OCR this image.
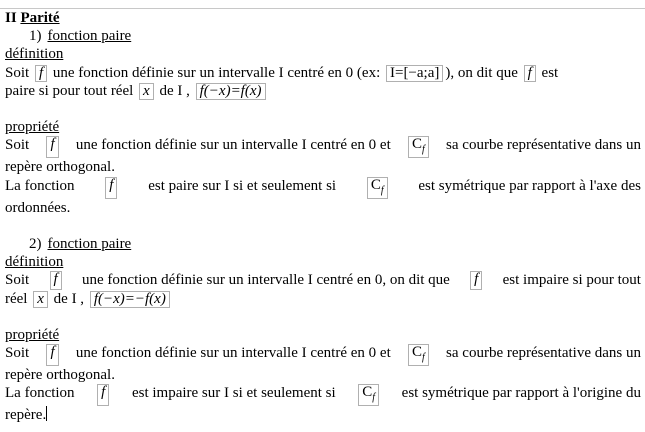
II Parité
1) fonction paire
définition
Soit f une fonction définie sur un intervalle I centré en 0 (ex: I=[−a;a] ), on dit que f est
paire si pour tout réel x de I , f(−x)=f(x)
propriété
Soit f une fonction définie sur un intervalle I centré en 0 et $C_f$ sa courbe représentative dans un
repère orthogonal.
La fonction f est paire sur I si et seulement si $C_f$ est symétrique par rapport à l'axe des
ordonnées.
2) fonction paire
définition
Soit f une fonction définie sur un intervalle I centré en 0, on dit que f est impaire si pour tout
réel x de I , f(−x)=−f(x)
propriété
Soit f une fonction définie sur un intervalle I centré en 0 et $C_f$ sa courbe représentative dans un
repère orthogonal.
La fonction f est impaire sur I si et seulement si $C_f$ est symétrique par rapport à l'origine du
repère.
